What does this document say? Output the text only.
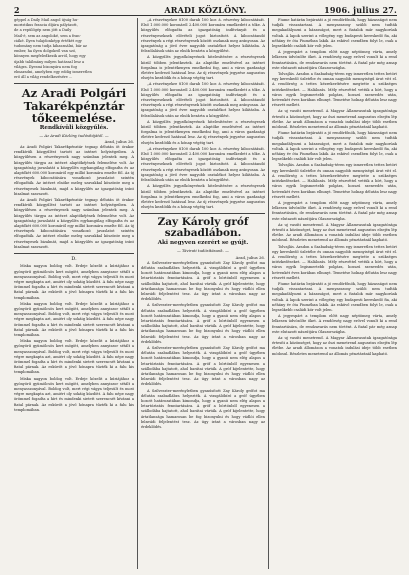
2	ARADI KÖZLÖNY.	1906. julius 27.

géppel a Daily Mail angol újság hu-
moristikus francia díjára pályázott,
de a repülőgép nem jött a Daily
Mail-é, sem az angoloké, sem a fran-
ciáké. Ilyen tulajdonképp értékét egy
tudomány nem tudja kihasználni, bár az
ember, ha ilyen dolgokról van szó,
könnyen megfeledkezik arról, hogy egy
újabb találmány milyen hatással lesz a
világra. Ilyesmi bizonyára nem fog
elmaradni, amelyben egy eddig ismeretlen
erő áll a világ rendelkezésére ...

Az Aradi Polgári Takarékpénztár
tőkeemelése.
Rendkívüli közgyűlés.
— Az Aradi Közlöny tudósítójától. —
Arad, julius 26.

Az Aradi Polgári Takarékpénztár tegnap délután öt órakor rendkívüli közgyűlést tartott az intézet helyiségeiben. A közgyűlésen a részvényesek nagy számban jelentek meg. A közgyűlés tárgya az intézet alaptőkéjének felemelése volt. Az igazgatóság javaslatát a közgyűlés egyhangúlag elfogadta és az alaptőkét 600.000 koronáról egy millió koronára emelte föl. Az új részvények kibocsátására vonatkozó javaslatot szintén elfogadták. Az intézet elnöke meleg szavakkal köszönte meg a részvényesek bizalmát, majd a közgyűlés az igazgatóság iránt bizalmat szavazott.

Az Aradi Polgári Takarékpénztár tegnap délután öt órakor rendkívüli közgyűlést tartott az intézet helyiségeiben. A közgyűlésen a részvényesek nagy számban jelentek meg. A közgyűlés tárgya az intézet alaptőkéjének felemelése volt. Az igazgatóság javaslatát a közgyűlés egyhangúlag elfogadta és az alaptőkét 600.000 koronáról egy millió koronára emelte föl. Az új részvények kibocsátására vonatkozó javaslatot szintén elfogadták. Az intézet elnöke meleg szavakkal köszönte meg a részvényesek bizalmát, majd a közgyűlés az igazgatóság iránt bizalmat szavazott.

D.

Miska nagyon boldog volt. Erdeje közelit a kúriájához a gyönyörű gyümölcsös kert mögött, amelyben annyiszor sétált a menyasszonyával. Boldog volt, mert régi vágya teljesült és most végre megkapta azt, amiért oly sokáig küzdött. A falu népe nagy örömmel fogadta a hírt és mindenki sietett szerencsét kívánni a fiatal párnak. Az esküvőt a jövő hónapra tűzték ki a falu kis templomában.

Miska nagyon boldog volt. Erdeje közelit a kúriájához a gyönyörű gyümölcsös kert mögött, amelyben annyiszor sétált a menyasszonyával. Boldog volt, mert régi vágya teljesült és most végre megkapta azt, amiért oly sokáig küzdött. A falu népe nagy örömmel fogadta a hírt és mindenki sietett szerencsét kívánni a fiatal párnak. Az esküvőt a jövő hónapra tűzték ki a falu kis templomában.

Miska nagyon boldog volt. Erdeje közelit a kúriájához a gyönyörű gyümölcsös kert mögött, amelyben annyiszor sétált a menyasszonyával. Boldog volt, mert régi vágya teljesült és most végre megkapta azt, amiért oly sokáig küzdött. A falu népe nagy örömmel fogadta a hírt és mindenki sietett szerencsét kívánni a fiatal párnak. Az esküvőt a jövő hónapra tűzték ki a falu kis templomában.

Miska nagyon boldog volt. Erdeje közelit a kúriájához a gyönyörű gyümölcsös kert mögött, amelyben annyiszor sétált a menyasszonyával. Boldog volt, mert régi vágya teljesült és most végre megkapta azt, amiért oly sokáig küzdött. A falu népe nagy örömmel fogadta a hírt és mindenki sietett szerencsét kívánni a fiatal párnak. Az esküvőt a jövő hónapra tűzték ki a falu kis templomában.

„A részvényekre 8100 darab 100 kor. á. részvény kibocsátását. Első 1.000.000 koronáról 2.400.000 koronára emelkedett a tőke. A közgyűlés elfogadta az igazgatóság indítványát és a részvényeseknek elővételi jogot biztosított. A kibocsátandó részvények a régi részvényesek között oszlanak meg arányosan. Az igazgatóság a jövő évre nagyobb osztalékot helyez kilátásba. A felszólalások után az elnök bezárta a közgyűlést.

A közgyűlés jegyzőkönyvének hitelesítésére a részvényesek közül többen jelentkeztek. Az alaptőke emelésével az intézet forgalma is jelentékenyen emelkedni fog, ami a város gazdasági életére kedvező hatással lesz. Az új részvények jegyzése augusztus elsején kezdődik és a hónap végéig tart.

„A részvényekre 8100 darab 100 kor. á. részvény kibocsátását. Első 1.000.000 koronáról 2.400.000 koronára emelkedett a tőke. A közgyűlés elfogadta az igazgatóság indítványát és a részvényeseknek elővételi jogot biztosított. A kibocsátandó részvények a régi részvényesek között oszlanak meg arányosan. Az igazgatóság a jövő évre nagyobb osztalékot helyez kilátásba. A felszólalások után az elnök bezárta a közgyűlést.

A közgyűlés jegyzőkönyvének hitelesítésére a részvényesek közül többen jelentkeztek. Az alaptőke emelésével az intézet forgalma is jelentékenyen emelkedni fog, ami a város gazdasági életére kedvező hatással lesz. Az új részvények jegyzése augusztus elsején kezdődik és a hónap végéig tart.

„A részvényekre 8100 darab 100 kor. á. részvény kibocsátását. Első 1.000.000 koronáról 2.400.000 koronára emelkedett a tőke. A közgyűlés elfogadta az igazgatóság indítványát és a részvényeseknek elővételi jogot biztosított. A kibocsátandó részvények a régi részvényesek között oszlanak meg arányosan. Az igazgatóság a jövő évre nagyobb osztalékot helyez kilátásba. A felszólalások után az elnök bezárta a közgyűlést.

A közgyűlés jegyzőkönyvének hitelesítésére a részvényesek közül többen jelentkeztek. Az alaptőke emelésével az intézet forgalma is jelentékenyen emelkedni fog, ami a város gazdasági életére kedvező hatással lesz. Az új részvények jegyzése augusztus elsején kezdődik és a hónap végéig tart.

Zay Károly gróf szabadlábon.
Aki negyven ezerért se gyújt.
— Távirati tudósításunk. —
Arad, julius 26.

A Szilveszter-merényletben gyanúsított Zay Károly grófot ma délután szabadlábra helyezték. A vizsgálóbíró a gróf ügyében hozott határozatában kimondja, hogy a gyanú nem elég alapos a letartóztatás fenntartására. A gróf a börtönből egyenesen a szállodába hajtatott, ahol barátai várták. A gróf kijelentette, hogy ártatlansága hamarosan be fog bizonyulni és hogy vádlói ellen bűnvádi feljelentést tesz. Az ügy iránt a városban nagy az érdeklődés.

A Szilveszter-merényletben gyanúsított Zay Károly grófot ma délután szabadlábra helyezték. A vizsgálóbíró a gróf ügyében hozott határozatában kimondja, hogy a gyanú nem elég alapos a letartóztatás fenntartására. A gróf a börtönből egyenesen a szállodába hajtatott, ahol barátai várták. A gróf kijelentette, hogy ártatlansága hamarosan be fog bizonyulni és hogy vádlói ellen bűnvádi feljelentést tesz. Az ügy iránt a városban nagy az érdeklődés.

A Szilveszter-merényletben gyanúsított Zay Károly grófot ma délután szabadlábra helyezték. A vizsgálóbíró a gróf ügyében hozott határozatában kimondja, hogy a gyanú nem elég alapos a letartóztatás fenntartására. A gróf a börtönből egyenesen a szállodába hajtatott, ahol barátai várták. A gróf kijelentette, hogy ártatlansága hamarosan be fog bizonyulni és hogy vádlói ellen bűnvádi feljelentést tesz. Az ügy iránt a városban nagy az érdeklődés.

A Szilveszter-merényletben gyanúsított Zay Károly grófot ma délután szabadlábra helyezték. A vizsgálóbíró a gróf ügyében hozott határozatában kimondja, hogy a gyanú nem elég alapos a letartóztatás fenntartására. A gróf a börtönből egyenesen a szállodába hajtatott, ahol barátai várták. A gróf kijelentette, hogy ártatlansága hamarosan be fog bizonyulni és hogy vádlói ellen bűnvádi feljelentést tesz. Az ügy iránt a városban nagy az érdeklődés.

Fiume határán bejáratát a jó rendőrfőnök, hogy házasságot nem tudják visszatartani. A menyasszony szülői nem tudták megakadályozni a házasságot, mert a fiatalok már nagykorúak voltak. A lapok szerint a vőlegény egy budapesti kereskedő fia, aki néhány év óta Fiuméban lakik. Az esküvő csendben folyt le, csak a legszűkebb családi kör volt jelen.

A jegyespárt a templom előtt nagy néptömeg várta, amely lelkesen üdvözölte őket. A rendőrség nagy erővel vonult ki a rend fenntartására, de rendzavarás nem történt. A fiatal pár még aznap este elutazott nászútjára Olaszországba.

Tolvajlás. Aradon a Szabadság-téren egy ismeretlen tettes betört egy kereskedő üzletébe és onnan nagyobb mennyiségű árut vitt el. A rendőrség a tettes kézrekerítésére megtette a szükséges intézkedéseket. — Halálozás. Mély részvéttel vettük a hírt, hogy a város egyik legismertebb polgára, hosszú szenvedés után, hetvenkét éves korában elhunyt. Temetése holnap délután lesz nagy részvét mellett.

Az uj vasúti menetrend. A Magyar Államvasutak igazgatósága értesíti a közönséget, hogy az őszi menetrend augusztus elsején lép életbe. Az aradi állomáson a vonatok indulási ideje több esetben módosul. Részletes menetrend az állomás pénztáránál kapható.

Fiume határán bejáratát a jó rendőrfőnök, hogy házasságot nem tudják visszatartani. A menyasszony szülői nem tudták megakadályozni a házasságot, mert a fiatalok már nagykorúak voltak. A lapok szerint a vőlegény egy budapesti kereskedő fia, aki néhány év óta Fiuméban lakik. Az esküvő csendben folyt le, csak a legszűkebb családi kör volt jelen.

Tolvajlás. Aradon a Szabadság-téren egy ismeretlen tettes betört egy kereskedő üzletébe és onnan nagyobb mennyiségű árut vitt el. A rendőrség a tettes kézrekerítésére megtette a szükséges intézkedéseket. — Halálozás. Mély részvéttel vettük a hírt, hogy a város egyik legismertebb polgára, hosszú szenvedés után, hetvenkét éves korában elhunyt. Temetése holnap délután lesz nagy részvét mellett.

A jegyespárt a templom előtt nagy néptömeg várta, amely lelkesen üdvözölte őket. A rendőrség nagy erővel vonult ki a rend fenntartására, de rendzavarás nem történt. A fiatal pár még aznap este elutazott nászútjára Olaszországba.

Az uj vasúti menetrend. A Magyar Államvasutak igazgatósága értesíti a közönséget, hogy az őszi menetrend augusztus elsején lép életbe. Az aradi állomáson a vonatok indulási ideje több esetben módosul. Részletes menetrend az állomás pénztáránál kapható.

Tolvajlás. Aradon a Szabadság-téren egy ismeretlen tettes betört egy kereskedő üzletébe és onnan nagyobb mennyiségű árut vitt el. A rendőrség a tettes kézrekerítésére megtette a szükséges intézkedéseket. — Halálozás. Mély részvéttel vettük a hírt, hogy a város egyik legismertebb polgára, hosszú szenvedés után, hetvenkét éves korában elhunyt. Temetése holnap délután lesz nagy részvét mellett.

Fiume határán bejáratát a jó rendőrfőnök, hogy házasságot nem tudják visszatartani. A menyasszony szülői nem tudták megakadályozni a házasságot, mert a fiatalok már nagykorúak voltak. A lapok szerint a vőlegény egy budapesti kereskedő fia, aki néhány év óta Fiuméban lakik. Az esküvő csendben folyt le, csak a legszűkebb családi kör volt jelen.

A jegyespárt a templom előtt nagy néptömeg várta, amely lelkesen üdvözölte őket. A rendőrség nagy erővel vonult ki a rend fenntartására, de rendzavarás nem történt. A fiatal pár még aznap este elutazott nászútjára Olaszországba.

Az uj vasúti menetrend. A Magyar Államvasutak igazgatósága értesíti a közönséget, hogy az őszi menetrend augusztus elsején lép életbe. Az aradi állomáson a vonatok indulási ideje több esetben módosul. Részletes menetrend az állomás pénztáránál kapható.
